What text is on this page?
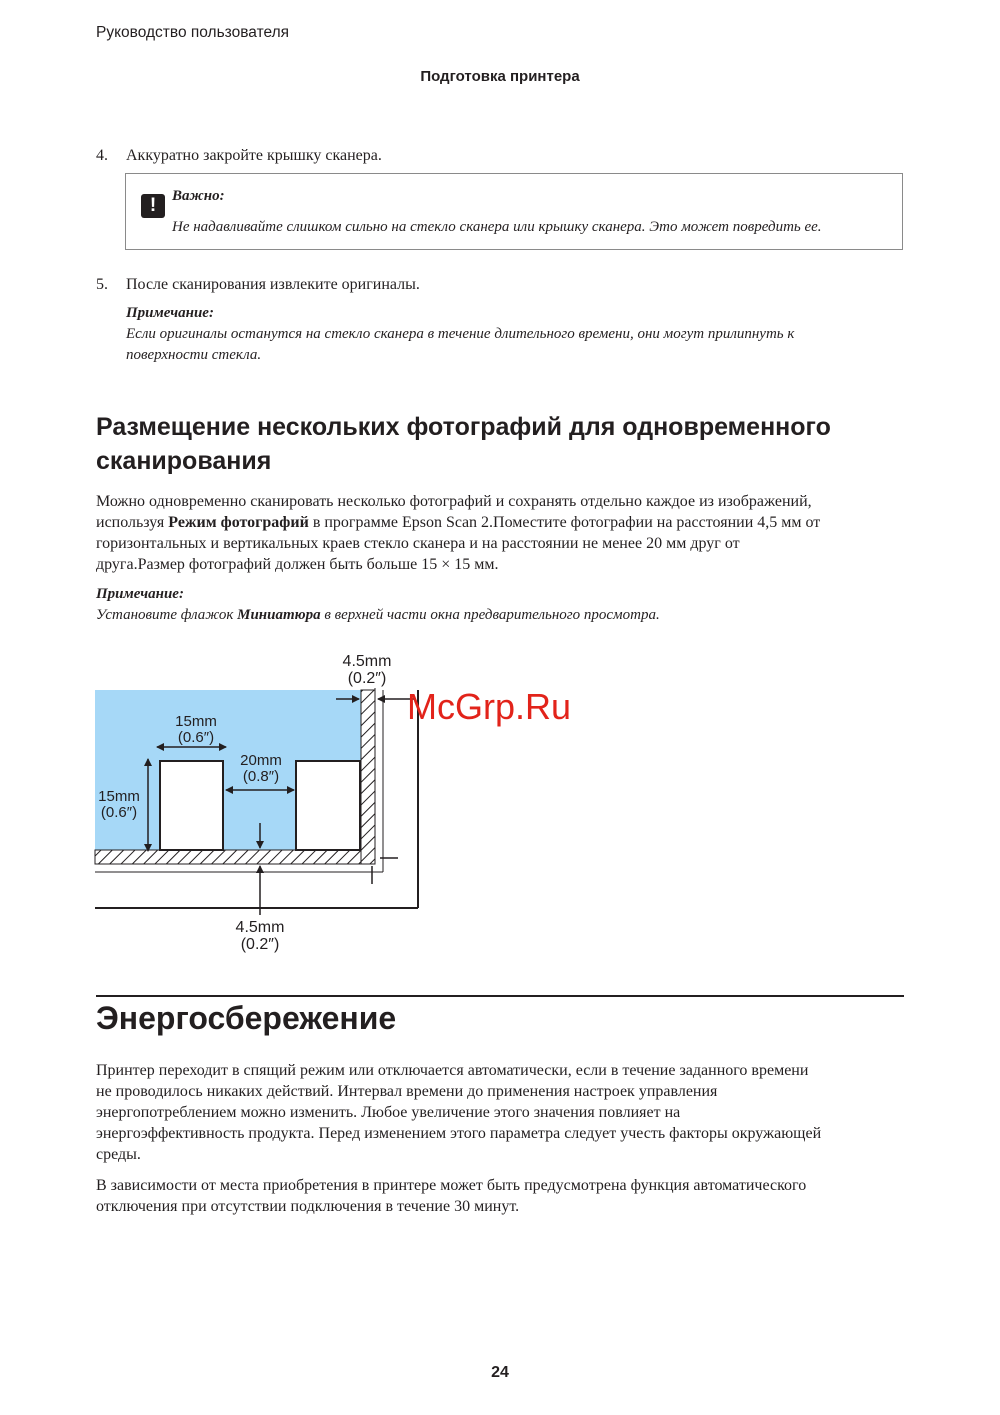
Руководство пользователя
Подготовка принтера
4. Аккуратно закройте крышку сканера.
!	Важно:
Не надавливайте слишком сильно на стекло сканера или крышку сканера. Это может повредить ее.
5. После сканирования извлеките оригиналы.
Примечание:
Если оригиналы останутся на стекло сканера в течение длительного времени, они могут прилипнуть к
поверхности стекла.
Размещение нескольких фотографий для одновременного
сканирования
Можно одновременно сканировать несколько фотографий и сохранять отдельно каждое из изображений,
используя Режим фотографий в программе Epson Scan 2.Поместите фотографии на расстоянии 4,5 мм от
горизонтальных и вертикальных краев стекло сканера и на расстоянии не менее 20 мм друг от
друга.Размер фотографий должен быть больше 15 × 15 мм.
Примечание:
Установите флажок Миниатюра в верхней части окна предварительного просмотра.
4.5mm
(0.2″)
15mm
(0.6″)
20mm
(0.8″)
15mm
(0.6″)
4.5mm
(0.2″)
McGrp.Ru
Энергосбережение
Принтер переходит в спящий режим или отключается автоматически, если в течение заданного времени
не проводилось никаких действий. Интервал времени до применения настроек управления
энергопотреблением можно изменить. Любое увеличение этого значения повлияет на
энергоэффективность продукта. Перед изменением этого параметра следует учесть факторы окружающей
среды.
В зависимости от места приобретения в принтере может быть предусмотрена функция автоматического
отключения при отсутствии подключения в течение 30 минут.
24
